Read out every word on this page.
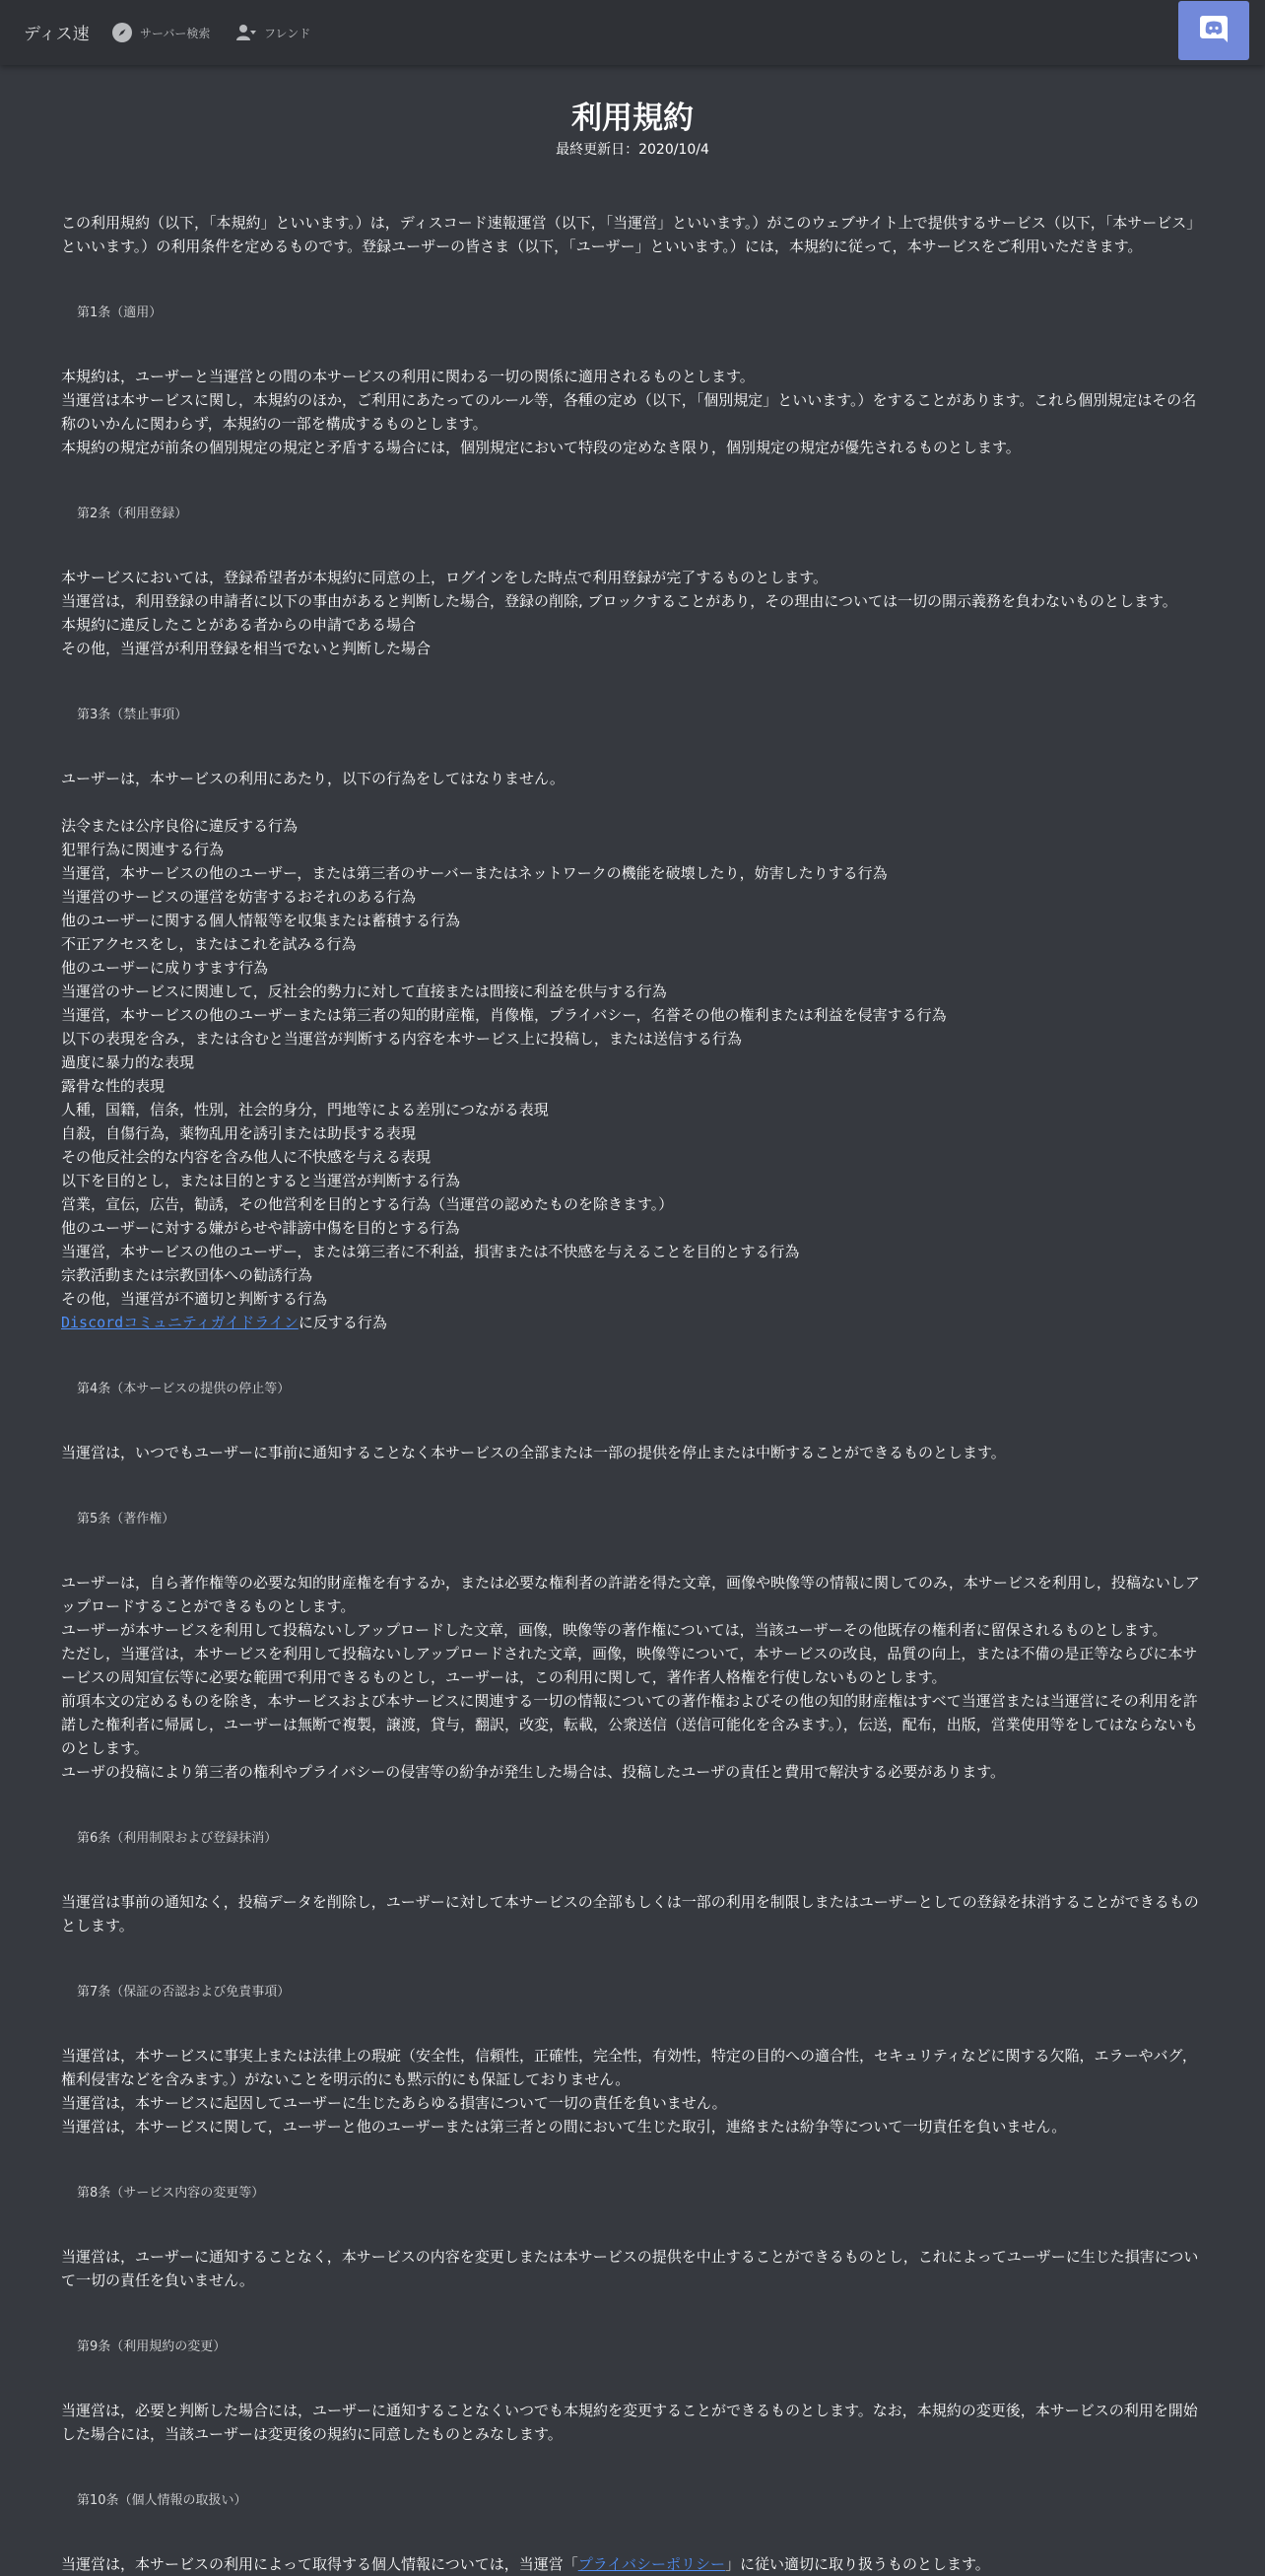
ディス速	サーバー検索	フレンド
利用規約
最終更新日：2020/10/4

この利用規約（以下，「本規約」といいます。）は，ディスコード速報運営（以下，「当運営」といいます。）がこのウェブサイト上で提供するサービス（以下，「本サービス」といいます。）の利用条件を定めるものです。登録ユーザーの皆さま（以下，「ユーザー」といいます。）には，本規約に従って，本サービスをご利用いただきます。

第1条（適用）

本規約は，ユーザーと当運営との間の本サービスの利用に関わる一切の関係に適用されるものとします。

当運営は本サービスに関し，本規約のほか，ご利用にあたってのルール等，各種の定め（以下，「個別規定」といいます。）をすることがあります。これら個別規定はその名称のいかんに関わらず，本規約の一部を構成するものとします。

本規約の規定が前条の個別規定の規定と矛盾する場合には，個別規定において特段の定めなき限り，個別規定の規定が優先されるものとします。

第2条（利用登録）

本サービスにおいては，登録希望者が本規約に同意の上，ログインをした時点で利用登録が完了するものとします。

当運営は，利用登録の申請者に以下の事由があると判断した場合，登録の削除, ブロックすることがあり，その理由については一切の開示義務を負わないものとします。

本規約に違反したことがある者からの申請である場合

その他，当運営が利用登録を相当でないと判断した場合

第3条（禁止事項）

ユーザーは，本サービスの利用にあたり，以下の行為をしてはなりません。

法令または公序良俗に違反する行為

犯罪行為に関連する行為

当運営，本サービスの他のユーザー，または第三者のサーバーまたはネットワークの機能を破壊したり，妨害したりする行為

当運営のサービスの運営を妨害するおそれのある行為

他のユーザーに関する個人情報等を収集または蓄積する行為

不正アクセスをし，またはこれを試みる行為

他のユーザーに成りすます行為

当運営のサービスに関連して，反社会的勢力に対して直接または間接に利益を供与する行為

当運営，本サービスの他のユーザーまたは第三者の知的財産権，肖像権，プライバシー，名誉その他の権利または利益を侵害する行為

以下の表現を含み，または含むと当運営が判断する内容を本サービス上に投稿し，または送信する行為

過度に暴力的な表現

露骨な性的表現

人種，国籍，信条，性別，社会的身分，門地等による差別につながる表現

自殺，自傷行為，薬物乱用を誘引または助長する表現

その他反社会的な内容を含み他人に不快感を与える表現

以下を目的とし，または目的とすると当運営が判断する行為

営業，宣伝，広告，勧誘，その他営利を目的とする行為（当運営の認めたものを除きます。）

他のユーザーに対する嫌がらせや誹謗中傷を目的とする行為

当運営，本サービスの他のユーザー，または第三者に不利益，損害または不快感を与えることを目的とする行為

宗教活動または宗教団体への勧誘行為

その他，当運営が不適切と判断する行為

Discordコミュニティガイドラインに反する行為

第4条（本サービスの提供の停止等）

当運営は，いつでもユーザーに事前に通知することなく本サービスの全部または一部の提供を停止または中断することができるものとします。

第5条（著作権）

ユーザーは，自ら著作権等の必要な知的財産権を有するか，または必要な権利者の許諾を得た文章，画像や映像等の情報に関してのみ，本サービスを利用し，投稿ないしアップロードすることができるものとします。

ユーザーが本サービスを利用して投稿ないしアップロードした文章，画像，映像等の著作権については，当該ユーザーその他既存の権利者に留保されるものとします。

ただし，当運営は，本サービスを利用して投稿ないしアップロードされた文章，画像，映像等について，本サービスの改良，品質の向上，または不備の是正等ならびに本サービスの周知宣伝等に必要な範囲で利用できるものとし，ユーザーは，この利用に関して，著作者人格権を行使しないものとします。

前項本文の定めるものを除き，本サービスおよび本サービスに関連する一切の情報についての著作権およびその他の知的財産権はすべて当運営または当運営にその利用を許諾した権利者に帰属し，ユーザーは無断で複製，譲渡，貸与，翻訳，改変，転載，公衆送信（送信可能化を含みます。），伝送，配布，出版，営業使用等をしてはならないものとします。

ユーザの投稿により第三者の権利やプライバシーの侵害等の紛争が発生した場合は、投稿したユーザの責任と費用で解決する必要があります。

第6条（利用制限および登録抹消）

当運営は事前の通知なく，投稿データを削除し，ユーザーに対して本サービスの全部もしくは一部の利用を制限しまたはユーザーとしての登録を抹消することができるものとします。

第7条（保証の否認および免責事項）

当運営は，本サービスに事実上または法律上の瑕疵（安全性，信頼性，正確性，完全性，有効性，特定の目的への適合性，セキュリティなどに関する欠陥，エラーやバグ，権利侵害などを含みます。）がないことを明示的にも黙示的にも保証しておりません。

当運営は，本サービスに起因してユーザーに生じたあらゆる損害について一切の責任を負いません。

当運営は，本サービスに関して，ユーザーと他のユーザーまたは第三者との間において生じた取引，連絡または紛争等について一切責任を負いません。

第8条（サービス内容の変更等）

当運営は，ユーザーに通知することなく，本サービスの内容を変更しまたは本サービスの提供を中止することができるものとし，これによってユーザーに生じた損害について一切の責任を負いません。

第9条（利用規約の変更）

当運営は，必要と判断した場合には，ユーザーに通知することなくいつでも本規約を変更することができるものとします。なお，本規約の変更後，本サービスの利用を開始した場合には，当該ユーザーは変更後の規約に同意したものとみなします。

第10条（個人情報の取扱い）

当運営は，本サービスの利用によって取得する個人情報については，当運営「プライバシーポリシー」に従い適切に取り扱うものとします。
